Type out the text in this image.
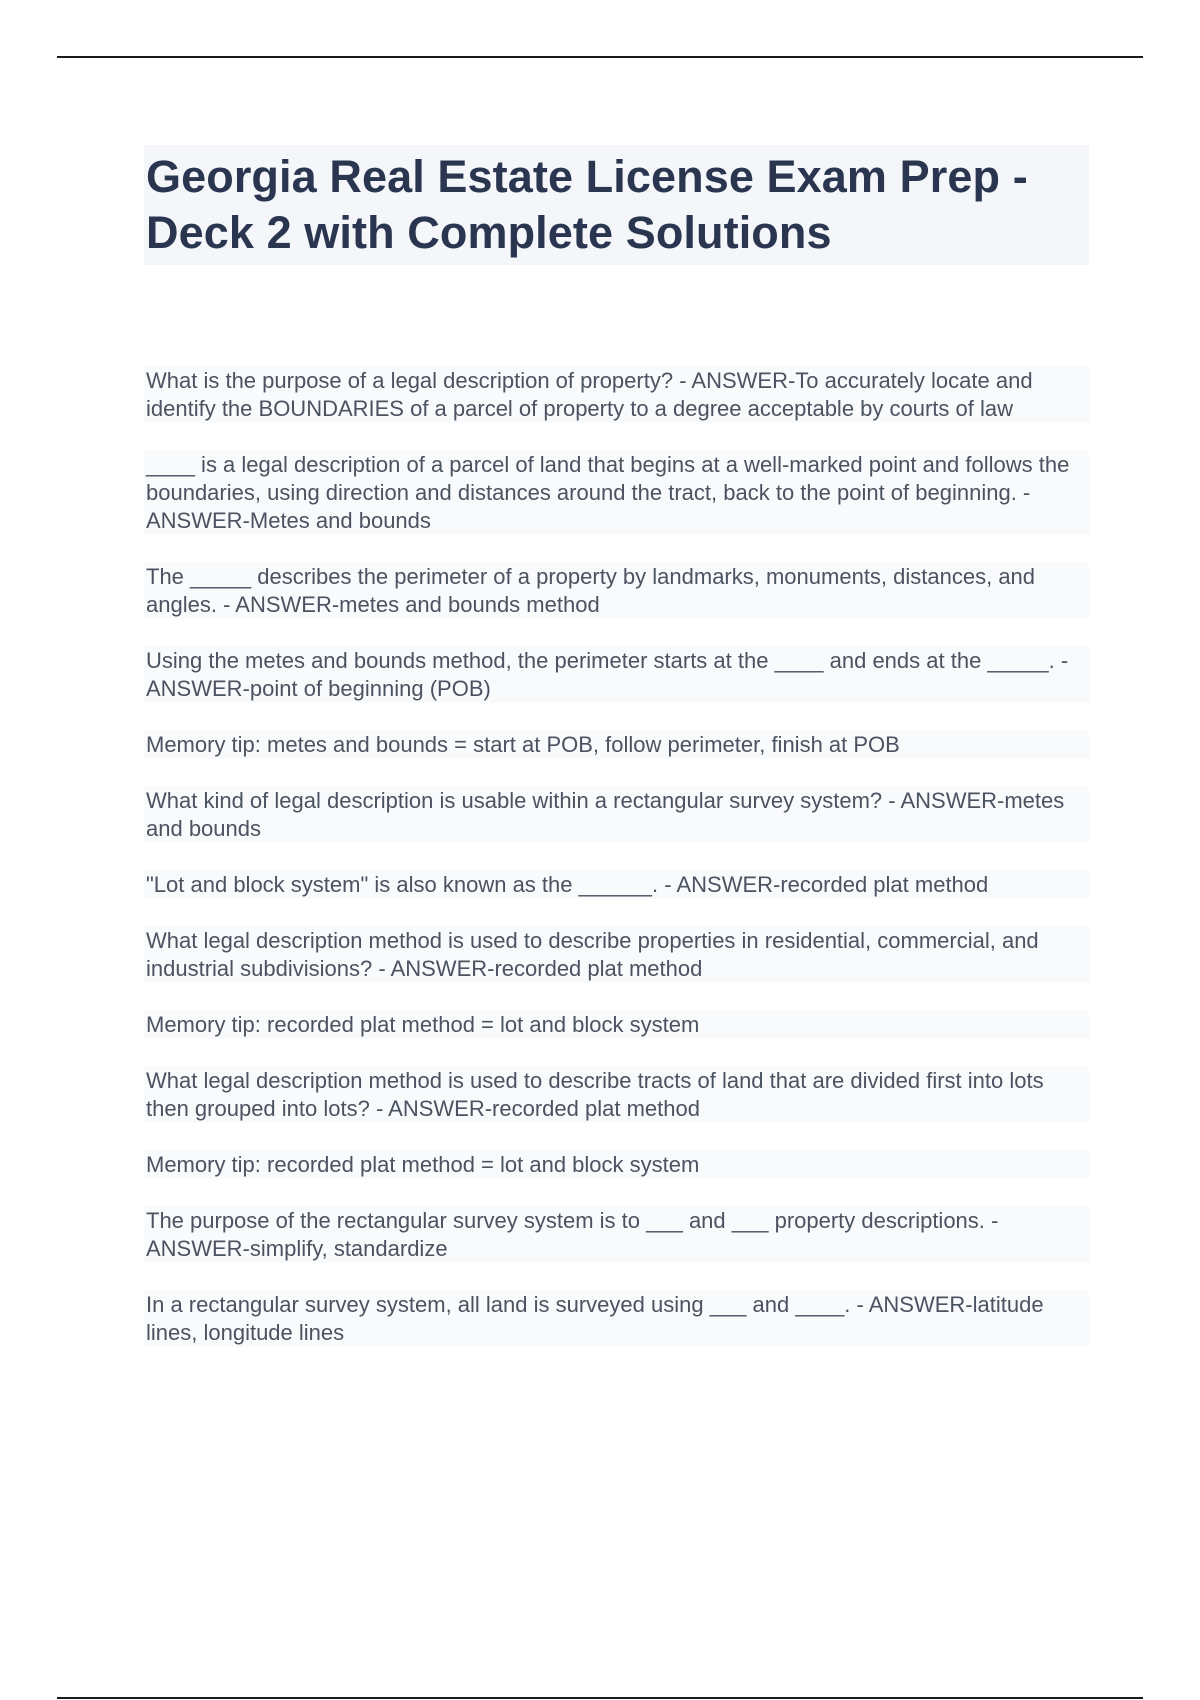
Georgia Real Estate License Exam Prep - Deck 2 with Complete Solutions

What is the purpose of a legal description of property? - ANSWER-To accurately locate and identify the BOUNDARIES of a parcel of property to a degree acceptable by courts of law

____ is a legal description of a parcel of land that begins at a well-marked point and follows the boundaries, using direction and distances around the tract, back to the point of beginning. - ANSWER-Metes and bounds

The _____ describes the perimeter of a property by landmarks, monuments, distances, and angles. - ANSWER-metes and bounds method

Using the metes and bounds method, the perimeter starts at the ____ and ends at the _____. - ANSWER-point of beginning (POB)

Memory tip: metes and bounds = start at POB, follow perimeter, finish at POB

What kind of legal description is usable within a rectangular survey system? - ANSWER-metes and bounds

"Lot and block system" is also known as the ______. - ANSWER-recorded plat method

What legal description method is used to describe properties in residential, commercial, and industrial subdivisions? - ANSWER-recorded plat method

Memory tip: recorded plat method = lot and block system

What legal description method is used to describe tracts of land that are divided first into lots then grouped into lots? - ANSWER-recorded plat method

Memory tip: recorded plat method = lot and block system

The purpose of the rectangular survey system is to ___ and ___ property descriptions. - ANSWER-simplify, standardize

In a rectangular survey system, all land is surveyed using ___ and ____. - ANSWER-latitude lines, longitude lines
